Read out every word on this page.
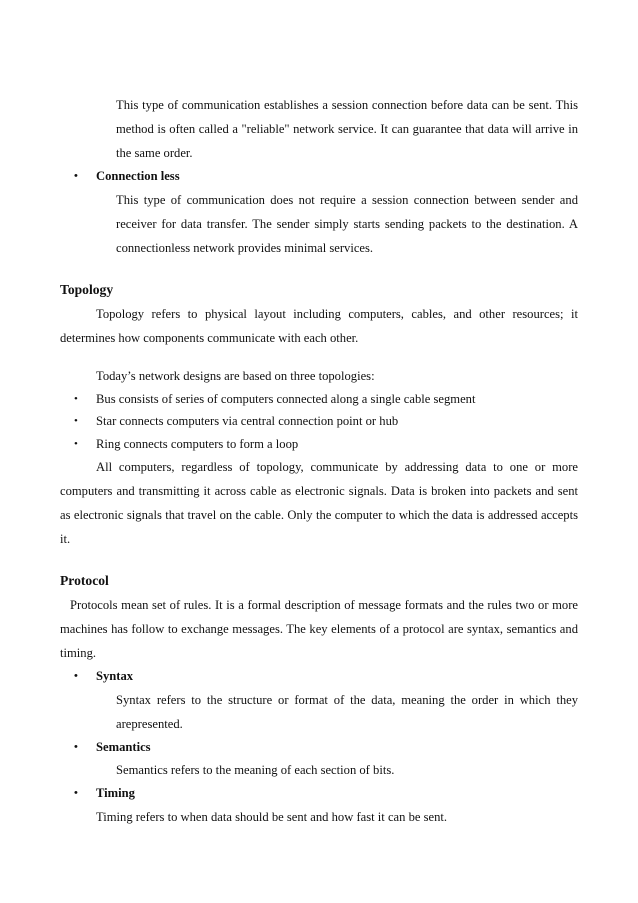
This type of communication establishes a session connection before data can be sent. This method is often called a "reliable" network service. It can guarantee that data will arrive in the same order.

• Connection less

This type of communication does not require a session connection between sender and receiver for data transfer. The sender simply starts sending packets to the destination. A connectionless network provides minimal services.

Topology

Topology refers to physical layout including computers, cables, and other resources; it determines how components communicate with each other.

Today’s network designs are based on three topologies:

• Bus consists of series of computers connected along a single cable segment
• Star connects computers via central connection point or hub
• Ring connects computers to form a loop

All computers, regardless of topology, communicate by addressing data to one or more computers and transmitting it across cable as electronic signals. Data is broken into packets and sent as electronic signals that travel on the cable. Only the computer to which the data is addressed accepts it.

Protocol

Protocols mean set of rules. It is a formal description of message formats and the rules two or more machines has follow to exchange messages. The key elements of a protocol are syntax, semantics and timing.

• Syntax

Syntax refers to the structure or format of the data, meaning the order in which they arepresented.

• Semantics

Semantics refers to the meaning of each section of bits.

• Timing

Timing refers to when data should be sent and how fast it can be sent.
